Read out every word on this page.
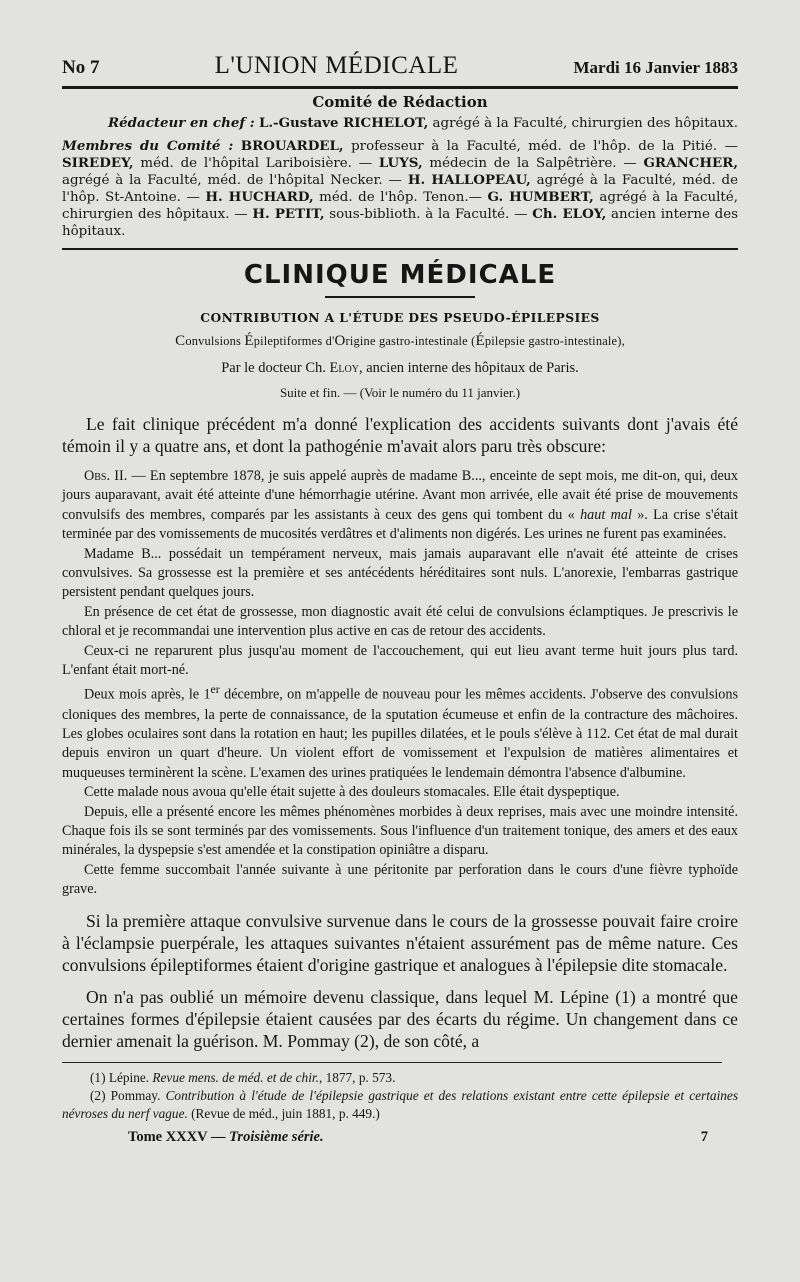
No 7	L'UNION MÉDICALE	Mardi 16 Janvier 1883
Comité de Rédaction
Rédacteur en chef : L.-Gustave RICHELOT, agrégé à la Faculté, chirurgien des hôpitaux.
Membres du Comité : BROUARDEL, professeur à la Faculté, méd. de l'hôp. de la Pitié. — SIREDEY, méd. de l'hôpital Lariboisière. — LUYS, médecin de la Salpêtrière. — GRANCHER, agrégé à la Faculté, méd. de l'hôpital Necker. — H. HALLOPEAU, agrégé à la Faculté, méd. de l'hôp. St-Antoine. — H. HUCHARD, méd. de l'hôp. Tenon.— G. HUMBERT, agrégé à la Faculté, chirurgien des hôpitaux. — H. PETIT, sous-biblioth. à la Faculté. — Ch. ELOY, ancien interne des hôpitaux.
CLINIQUE MÉDICALE
CONTRIBUTION A L'ÉTUDE DES PSEUDO-ÉPILEPSIES
Convulsions Épileptiformes d'Origine gastro-intestinale (Épilepsie gastro-intestinale),
Par le docteur Ch. Eloy, ancien interne des hôpitaux de Paris.
Suite et fin. — (Voir le numéro du 11 janvier.)

Le fait clinique précédent m'a donné l'explication des accidents suivants dont j'avais été témoin il y a quatre ans, et dont la pathogénie m'avait alors paru très obscure:

Obs. II. — En septembre 1878, je suis appelé auprès de madame B..., enceinte de sept mois, me dit-on, qui, deux jours auparavant, avait été atteinte d'une hémorrhagie utérine. Avant mon arrivée, elle avait été prise de mouvements convulsifs des membres, comparés par les assistants à ceux des gens qui tombent du « haut mal ». La crise s'était terminée par des vomissements de mucosités verdâtres et d'aliments non digérés. Les urines ne furent pas examinées.

Madame B... possédait un tempérament nerveux, mais jamais auparavant elle n'avait été atteinte de crises convulsives. Sa grossesse est la première et ses antécédents héréditaires sont nuls. L'anorexie, l'embarras gastrique persistent pendant quelques jours.

En présence de cet état de grossesse, mon diagnostic avait été celui de convulsions éclamptiques. Je prescrivis le chloral et je recommandai une intervention plus active en cas de retour des accidents.

Ceux-ci ne reparurent plus jusqu'au moment de l'accouchement, qui eut lieu avant terme huit jours plus tard. L'enfant était mort-né.

Deux mois après, le 1er décembre, on m'appelle de nouveau pour les mêmes accidents. J'observe des convulsions cloniques des membres, la perte de connaissance, de la sputation écumeuse et enfin de la contracture des mâchoires. Les globes oculaires sont dans la rotation en haut; les pupilles dilatées, et le pouls s'élève à 112. Cet état de mal durait depuis environ un quart d'heure. Un violent effort de vomissement et l'expulsion de matières alimentaires et muqueuses terminèrent la scène. L'examen des urines pratiquées le lendemain démontra l'absence d'albumine.

Cette malade nous avoua qu'elle était sujette à des douleurs stomacales. Elle était dyspeptique.

Depuis, elle a présenté encore les mêmes phénomènes morbides à deux reprises, mais avec une moindre intensité. Chaque fois ils se sont terminés par des vomissements. Sous l'influence d'un traitement tonique, des amers et des eaux minérales, la dyspepsie s'est amendée et la constipation opiniâtre a disparu.

Cette femme succombait l'année suivante à une péritonite par perforation dans le cours d'une fièvre typhoïde grave.

Si la première attaque convulsive survenue dans le cours de la grossesse pouvait faire croire à l'éclampsie puerpérale, les attaques suivantes n'étaient assurément pas de même nature. Ces convulsions épileptiformes étaient d'origine gastrique et analogues à l'épilepsie dite stomacale.

On n'a pas oublié un mémoire devenu classique, dans lequel M. Lépine (1) a montré que certaines formes d'épilepsie étaient causées par des écarts du régime. Un changement dans ce dernier amenait la guérison. M. Pommay (2), de son côté, a

(1) Lépine. Revue mens. de méd. et de chir., 1877, p. 573.

(2) Pommay. Contribution à l'étude de l'épilepsie gastrique et des relations existant entre cette épilepsie et certaines névroses du nerf vague. (Revue de méd., juin 1881, p. 449.)

Tome XXXV — Troisième série.	7
